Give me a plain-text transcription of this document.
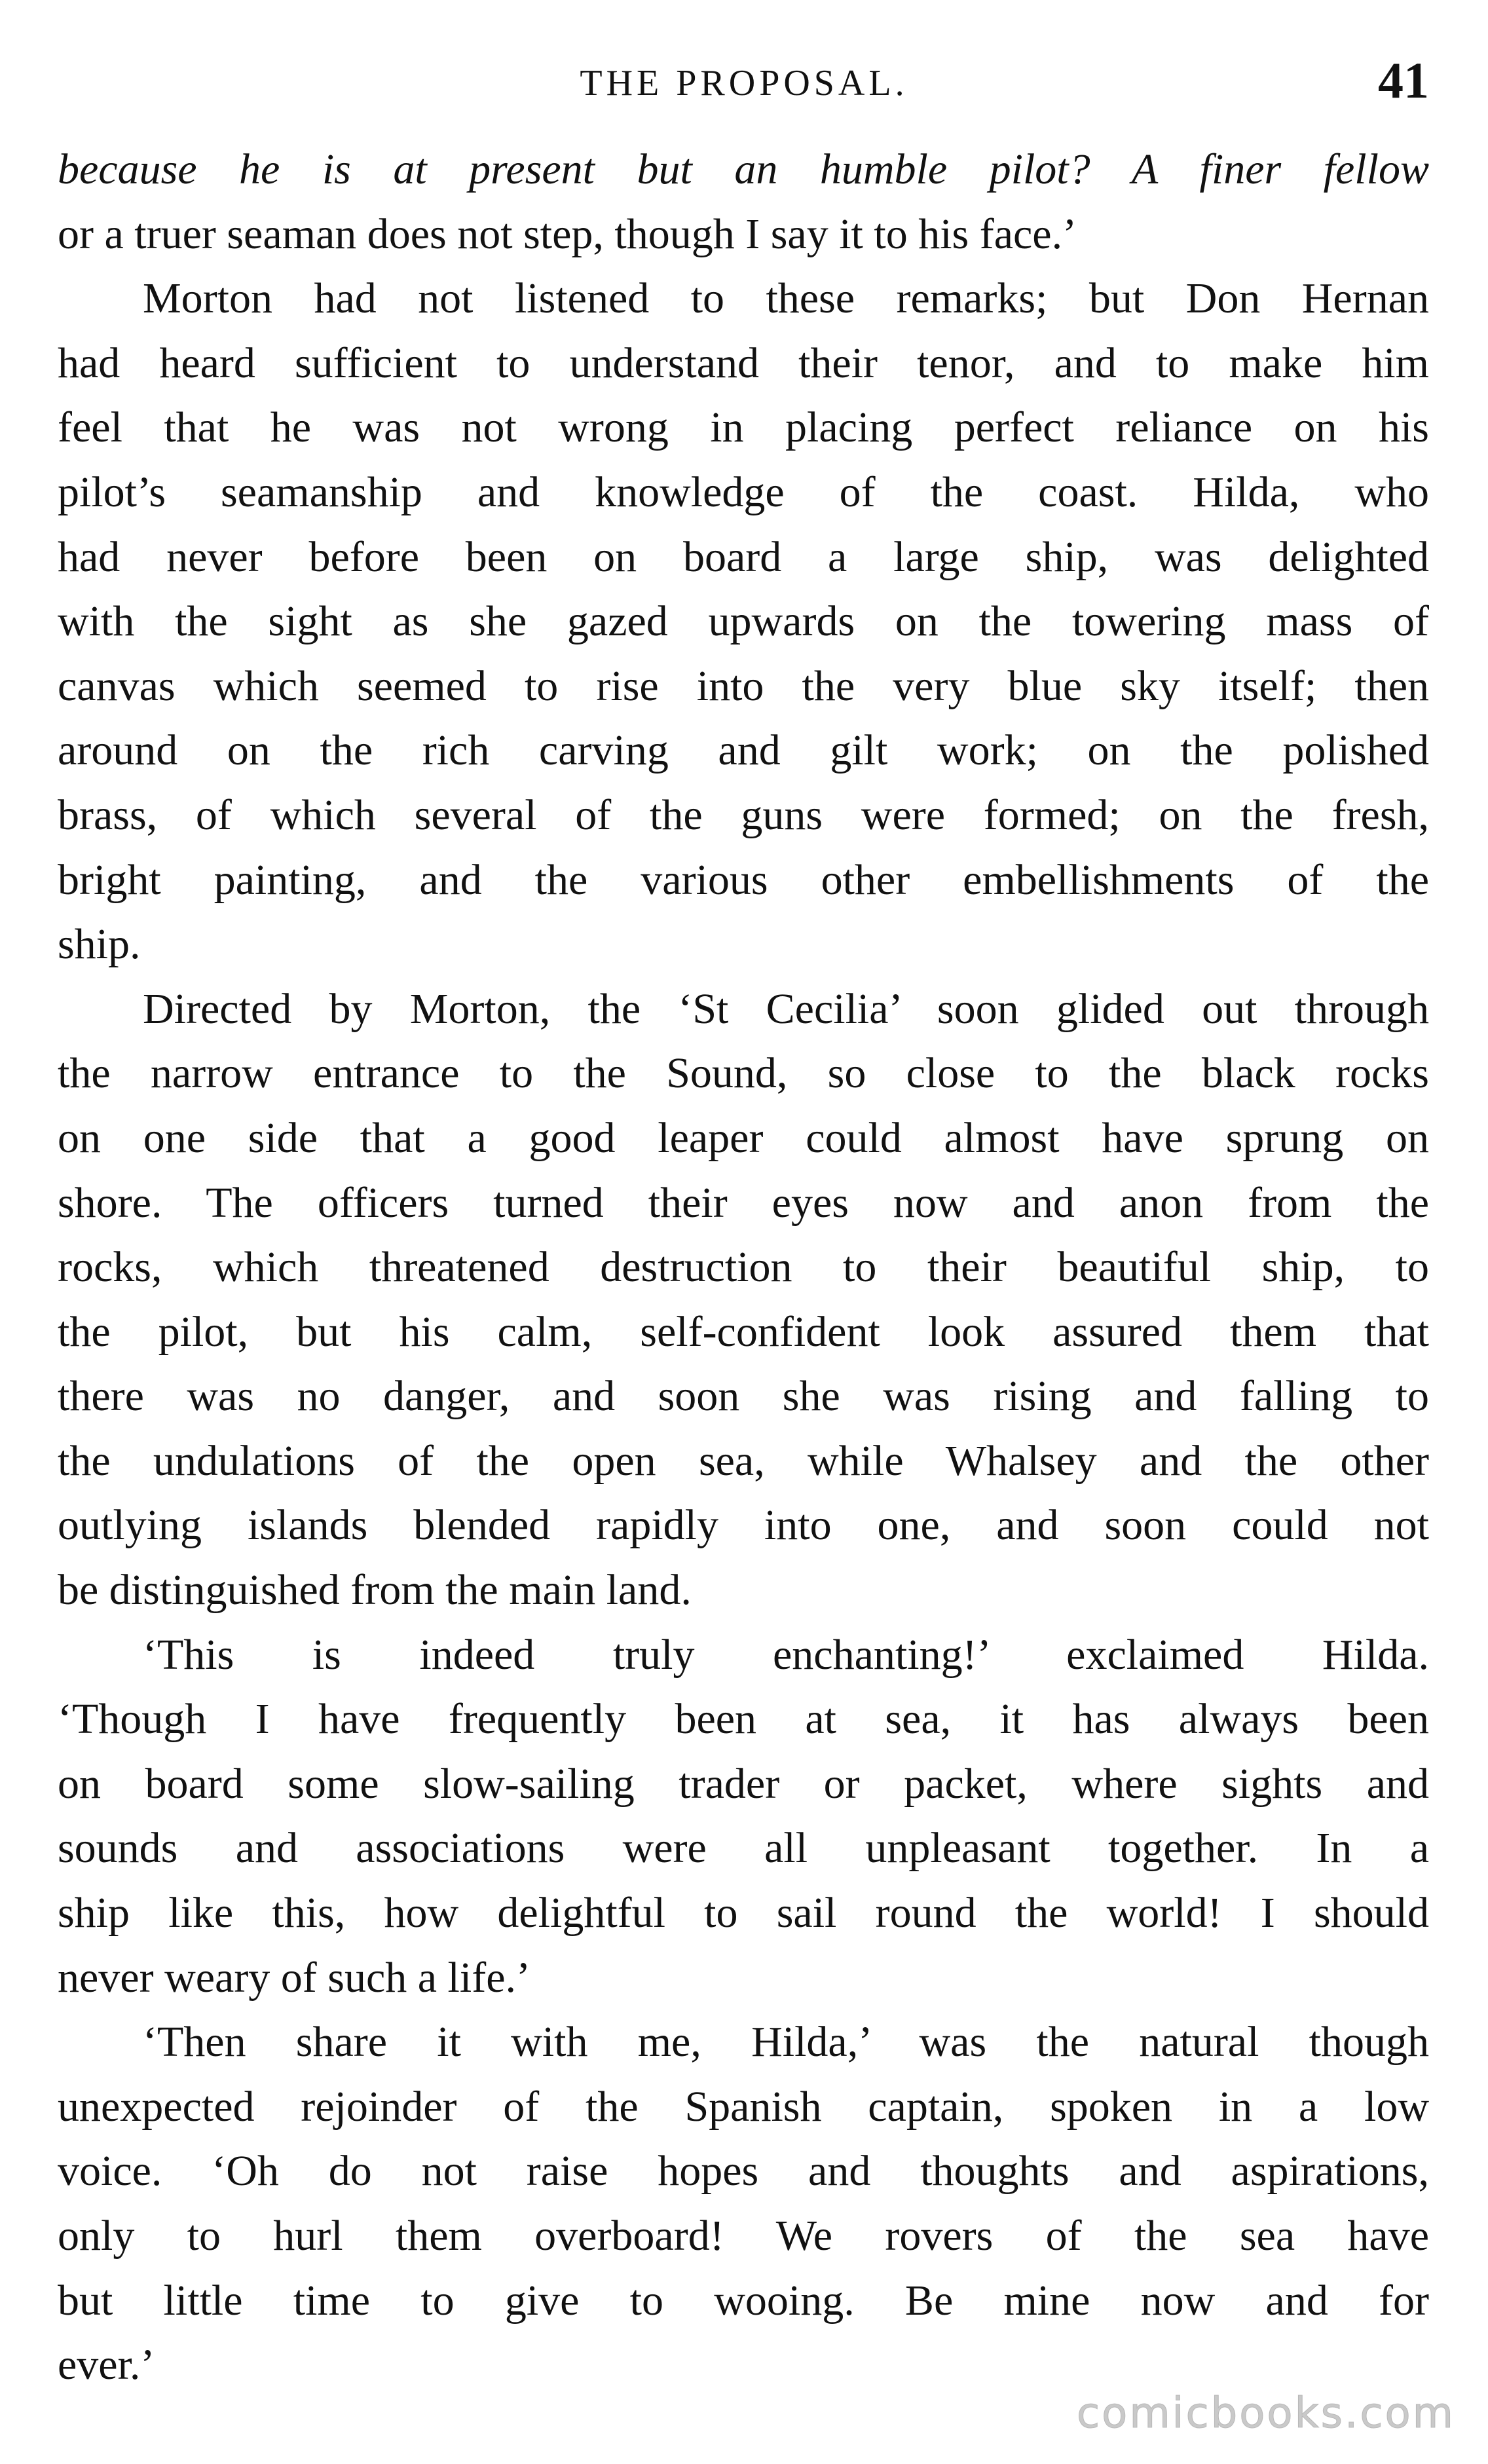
THE PROPOSAL.	41
because he is at present but an humble pilot? A finer fellow
or a truer seaman does not step, though I say it to his face.’
Morton had not listened to these remarks; but Don Hernan
had heard sufficient to understand their tenor, and to make him
feel that he was not wrong in placing perfect reliance on his
pilot’s seamanship and knowledge of the coast. Hilda, who
had never before been on board a large ship, was delighted
with the sight as she gazed upwards on the towering mass of
canvas which seemed to rise into the very blue sky itself; then
around on the rich carving and gilt work; on the polished
brass, of which several of the guns were formed; on the fresh,
bright painting, and the various other embellishments of the
ship.
Directed by Morton, the ‘St Cecilia’ soon glided out through
the narrow entrance to the Sound, so close to the black rocks
on one side that a good leaper could almost have sprung on
shore. The officers turned their eyes now and anon from the
rocks, which threatened destruction to their beautiful ship, to
the pilot, but his calm, self-confident look assured them that
there was no danger, and soon she was rising and falling to
the undulations of the open sea, while Whalsey and the other
outlying islands blended rapidly into one, and soon could not
be distinguished from the main land.
‘This is indeed truly enchanting!’ exclaimed Hilda.
‘Though I have frequently been at sea, it has always been
on board some slow-sailing trader or packet, where sights and
sounds and associations were all unpleasant together. In a
ship like this, how delightful to sail round the world! I should
never weary of such a life.’
‘Then share it with me, Hilda,’ was the natural though
unexpected rejoinder of the Spanish captain, spoken in a low
voice. ‘Oh do not raise hopes and thoughts and aspirations,
only to hurl them overboard! We rovers of the sea have
but little time to give to wooing. Be mine now and for
ever.’
comicbooks.com
